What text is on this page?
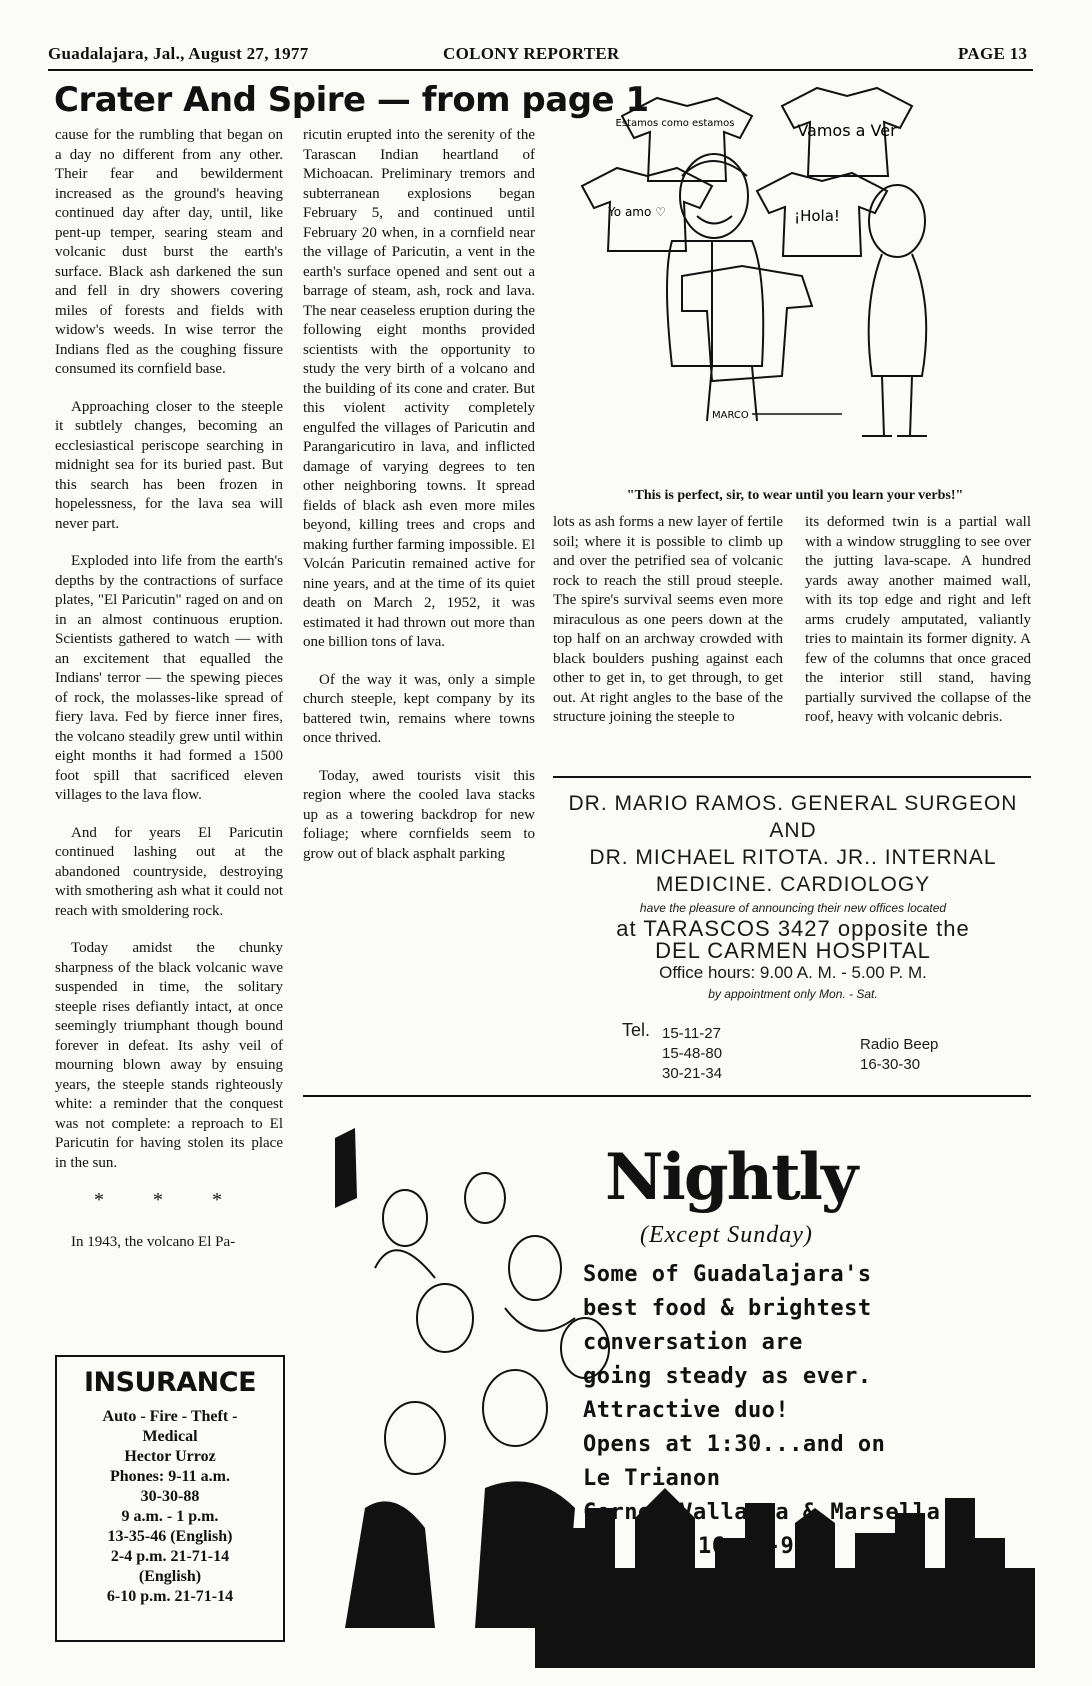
Guadalajara, Jal., August 27, 1977	COLONY REPORTER	PAGE 13
Crater And Spire — from page 1

cause for the rumbling that began on a day no different from any other. Their fear and bewilderment increased as the ground's heaving continued day after day, until, like pent-up temper, searing steam and volcanic dust burst the earth's surface. Black ash darkened the sun and fell in dry showers covering miles of forests and fields with widow's weeds. In wise terror the Indians fled as the coughing fissure consumed its cornfield base.

Approaching closer to the steeple it subtlely changes, becoming an ecclesiastical periscope searching in midnight sea for its buried past. But this search has been frozen in hopelessness, for the lava sea will never part.

Exploded into life from the earth's depths by the contractions of surface plates, "El Paricutin" raged on and on in an almost continuous eruption. Scientists gathered to watch — with an excitement that equalled the Indians' terror — the spewing pieces of rock, the molasses-like spread of fiery lava. Fed by fierce inner fires, the volcano steadily grew until within eight months it had formed a 1500 foot spill that sacrificed eleven villages to the lava flow.

And for years El Paricutin continued lashing out at the abandoned countryside, destroying with smothering ash what it could not reach with smoldering rock.

Today amidst the chunky sharpness of the black volcanic wave suspended in time, the solitary steeple rises defiantly intact, at once seemingly triumphant though bound forever in defeat. Its ashy veil of mourning blown away by ensuing years, the steeple stands righteously white: a reminder that the conquest was not complete: a reproach to El Paricutin for having stolen its place in the sun.

* * *

In 1943, the volcano El Pa-

INSURANCE
Auto - Fire - Theft -
Medical
Hector Urroz
Phones: 9-11 a.m.
30-30-88
9 a.m. - 1 p.m.
13-35-46 (English)
2-4 p.m. 21-71-14
(English)
6-10 p.m. 21-71-14

ricutin erupted into the serenity of the Tarascan Indian heartland of Michoacan. Preliminary tremors and subterranean explosions began February 5, and continued until February 20 when, in a cornfield near the village of Paricutin, a vent in the earth's surface opened and sent out a barrage of steam, ash, rock and lava. The near ceaseless eruption during the following eight months provided scientists with the opportunity to study the very birth of a volcano and the building of its cone and crater. But this violent activity completely engulfed the villages of Paricutin and Parangaricutiro in lava, and inflicted damage of varying degrees to ten other neighboring towns. It spread fields of black ash even more miles beyond, killing trees and crops and making further farming impossible. El Volcán Paricutin remained active for nine years, and at the time of its quiet death on March 2, 1952, it was estimated it had thrown out more than one billion tons of lava.

Of the way it was, only a simple church steeple, kept company by its battered twin, remains where towns once thrived.

Today, awed tourists visit this region where the cooled lava stacks up as a towering backdrop for new foliage; where cornfields seem to grow out of black asphalt parking

Estamos como estamos	Vamos a Ver
Yo amo ♡	¡Hola!
MARCO
"This is perfect, sir, to wear until you learn your verbs!"

lots as ash forms a new layer of fertile soil; where it is possible to climb up and over the petrified sea of volcanic rock to reach the still proud steeple. The spire's survival seems even more miraculous as one peers down at the top half on an archway crowded with black boulders pushing against each other to get in, to get through, to get out. At right angles to the base of the structure joining the steeple to

its deformed twin is a partial wall with a window struggling to see over the jutting lava-scape. A hundred yards away another maimed wall, with its top edge and right and left arms crudely amputated, valiantly tries to maintain its former dignity. A few of the columns that once graced the interior still stand, having partially survived the collapse of the roof, heavy with volcanic debris.

DR. MARIO RAMOS. GENERAL SURGEON
AND
DR. MICHAEL RITOTA. JR.. INTERNAL
MEDICINE. CARDIOLOGY
have the pleasure of announcing their new offices located
at TARASCOS 3427 opposite the
DEL CARMEN HOSPITAL
Office hours: 9.00 A. M. - 5.00 P. M.
by appointment only Mon. - Sat.
Tel. 15-11-27
15-48-80
30-21-34
Radio Beep
16-30-30
Nightly
(Except Sunday)
Some of Guadalajara's
best food & brightest
conversation are
going steady as ever.
Attractive duo!
Opens at 1:30...and on
Le Trianon
Corner Vallarta & Marsella
16-40-95
